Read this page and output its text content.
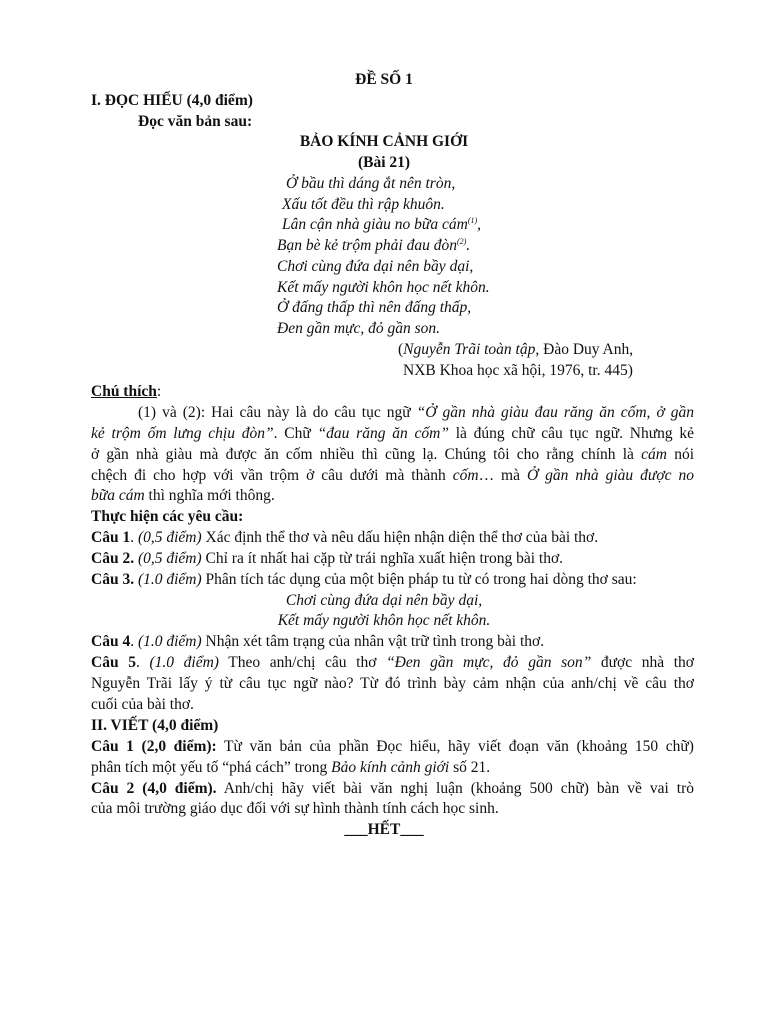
ĐỀ SỐ 1
I. ĐỌC HIỂU (4,0 điểm)
Đọc văn bản sau:
BẢO KÍNH CẢNH GIỚI
(Bài 21)
Ở bầu thì dáng ắt nên tròn,
Xấu tốt đều thì rập khuôn.
Lân cận nhà giàu no bữa cám$^{(1)}$,
Bạn bè kẻ trộm phải đau đòn$^{(2)}$.
Chơi cùng đứa dại nên bầy dại,
Kết mấy người khôn học nết khôn.
Ở đấng thấp thì nên đấng thấp,
Đen gần mực, đỏ gần son.
(Nguyễn Trãi toàn tập, Đào Duy Anh,
NXB Khoa học xã hội, 1976, tr. 445)
Chú thích:
(1) và (2): Hai câu này là do câu tục ngữ “Ở gần nhà giàu đau răng ăn cốm, ở gần
kẻ trộm ốm lưng chịu đòn”. Chữ “đau răng ăn cốm” là đúng chữ câu tục ngữ. Nhưng kẻ
ở gần nhà giàu mà được ăn cốm nhiều thì cũng lạ. Chúng tôi cho rằng chính là cám nói
chệch đi cho hợp với vần trộm ở câu dưới mà thành cốm… mà Ở gần nhà giàu được no
bữa cám thì nghĩa mới thông.
Thực hiện các yêu cầu:
Câu 1. (0,5 điểm) Xác định thể thơ và nêu dấu hiện nhận diện thể thơ của bài thơ.
Câu 2. (0,5 điểm) Chỉ ra ít nhất hai cặp từ trái nghĩa xuất hiện trong bài thơ.
Câu 3. (1.0 điểm) Phân tích tác dụng của một biện pháp tu từ có trong hai dòng thơ sau:
Chơi cùng đứa dại nên bầy dại,
Kết mấy người khôn học nết khôn.
Câu 4. (1.0 điểm) Nhận xét tâm trạng của nhân vật trữ tình trong bài thơ.
Câu 5. (1.0 điểm) Theo anh/chị câu thơ “Đen gần mực, đỏ gần son” được nhà thơ
Nguyễn Trãi lấy ý từ câu tục ngữ nào? Từ đó trình bày cảm nhận của anh/chị về câu thơ
cuối của bài thơ.
II. VIẾT (4,0 điểm)
Câu 1 (2,0 điểm): Từ văn bản của phần Đọc hiểu, hãy viết đoạn văn (khoảng 150 chữ)
phân tích một yếu tố “phá cách” trong Bảo kính cảnh giới số 21.
Câu 2 (4,0 điểm). Anh/chị hãy viết bài văn nghị luận (khoảng 500 chữ) bàn về vai trò
của môi trường giáo dục đối với sự hình thành tính cách học sinh.
___HẾT___
